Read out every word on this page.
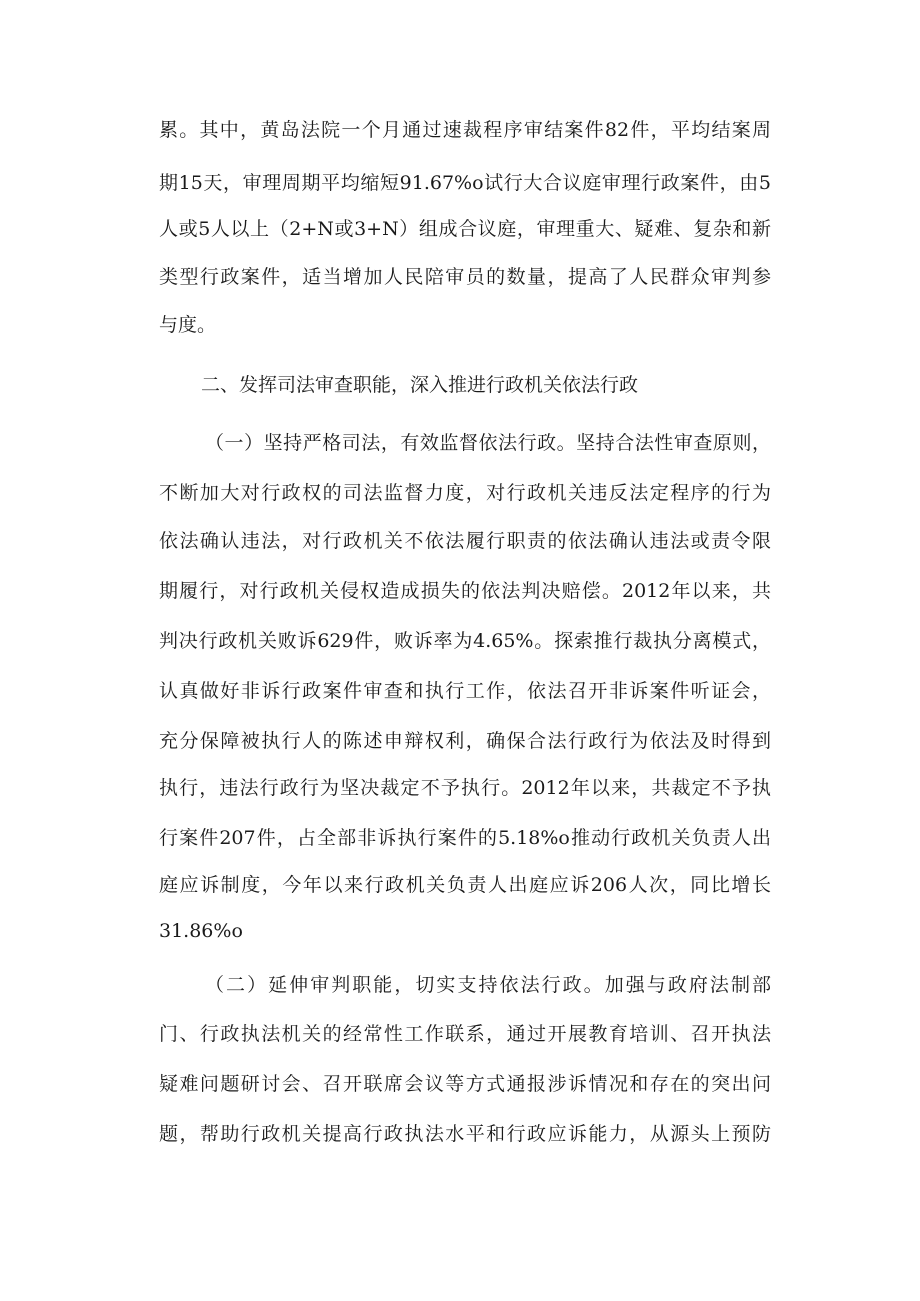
累。其中，黄岛法院一个月通过速裁程序审结案件82件，平均结案周

期15天，审理周期平均缩短91.67%o试行大合议庭审理行政案件，由5

人或5人以上（2+N或3+N）组成合议庭，审理重大、疑难、复杂和新

类型行政案件，适当增加人民陪审员的数量，提高了人民群众审判参

与度。

二、发挥司法审查职能，深入推进行政机关依法行政

（一）坚持严格司法，有效监督依法行政。坚持合法性审查原则，

不断加大对行政权的司法监督力度，对行政机关违反法定程序的行为

依法确认违法，对行政机关不依法履行职责的依法确认违法或责令限

期履行，对行政机关侵权造成损失的依法判决赔偿。2012年以来，共

判决行政机关败诉629件，败诉率为4.65%。探索推行裁执分离模式，

认真做好非诉行政案件审查和执行工作，依法召开非诉案件听证会，

充分保障被执行人的陈述申辩权利，确保合法行政行为依法及时得到

执行，违法行政行为坚决裁定不予执行。2012年以来，共裁定不予执

行案件207件，占全部非诉执行案件的5.18%o推动行政机关负责人出

庭应诉制度，今年以来行政机关负责人出庭应诉206人次，同比增长

31.86%o

（二）延伸审判职能，切实支持依法行政。加强与政府法制部

门、行政执法机关的经常性工作联系，通过开展教育培训、召开执法

疑难问题研讨会、召开联席会议等方式通报涉诉情况和存在的突出问

题，帮助行政机关提高行政执法水平和行政应诉能力，从源头上预防
